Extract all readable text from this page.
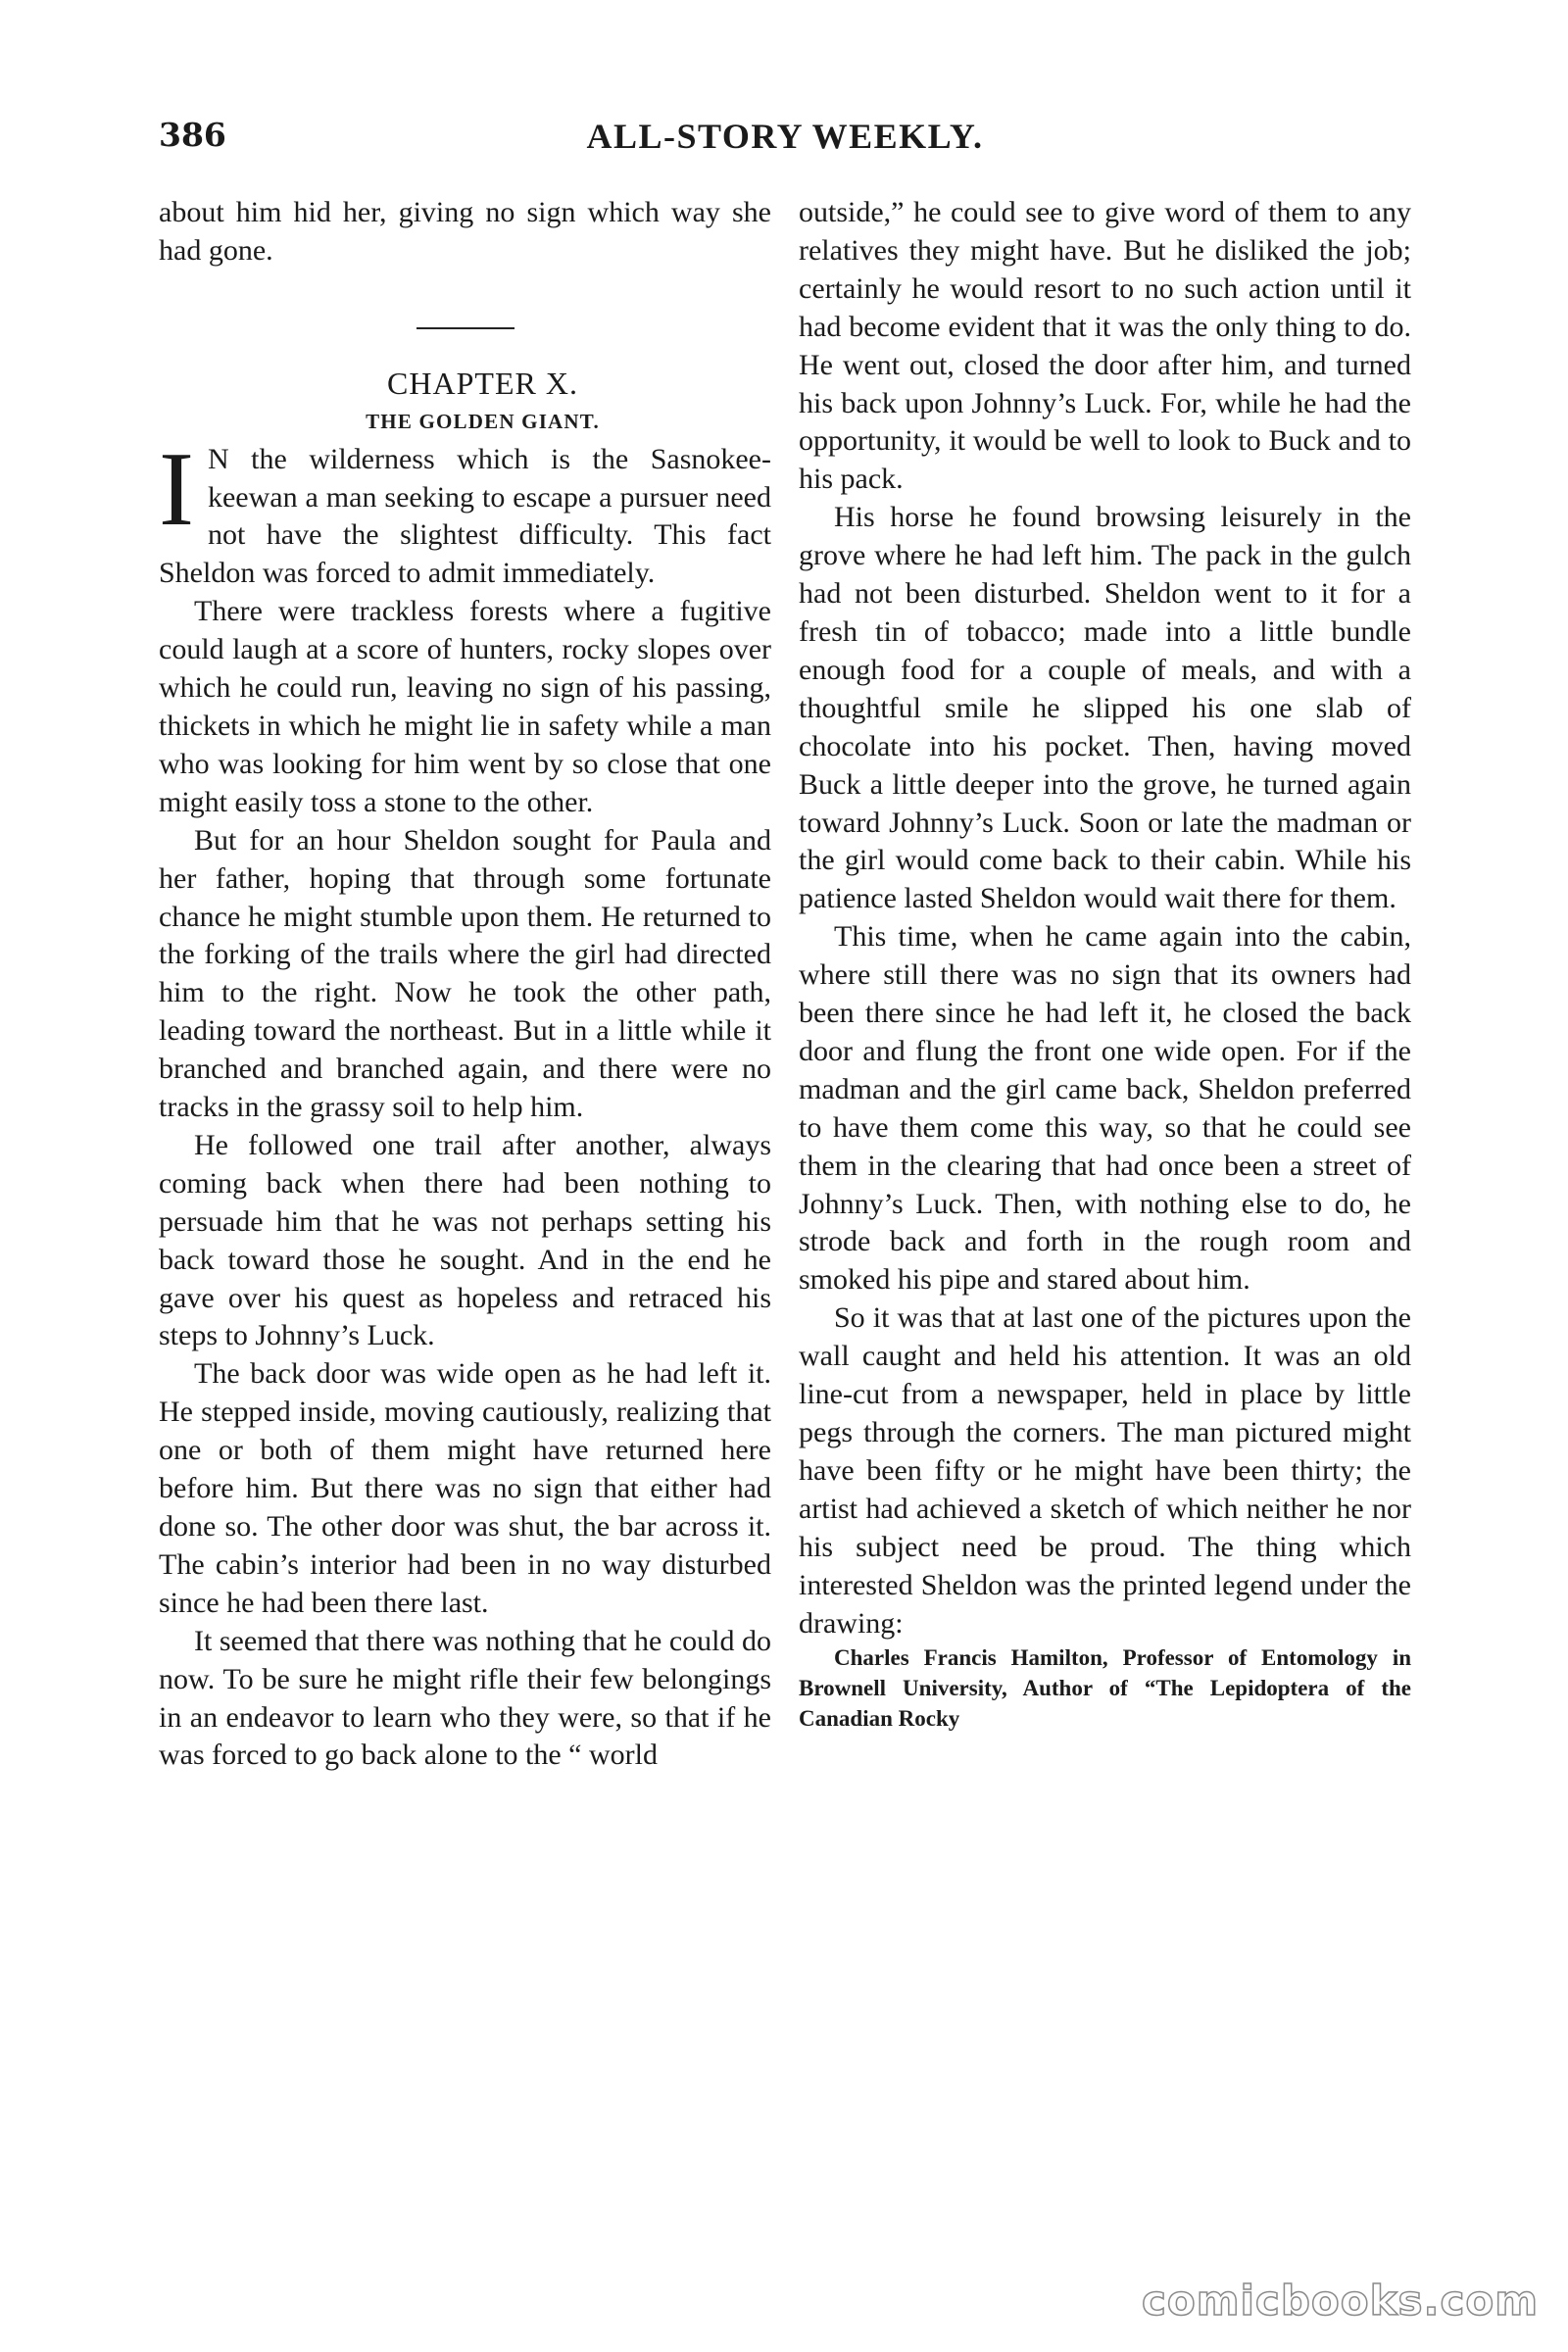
386	ALL-STORY WEEKLY.

about him hid her, giving no sign which way she had gone.

CHAPTER X.

THE GOLDEN GIANT.

I N the wilderness which is the Sasnokee-keewan a man seeking to escape a pursuer need not have the slightest difficulty. This fact Sheldon was forced to admit immediately.

There were trackless forests where a fugitive could laugh at a score of hunters, rocky slopes over which he could run, leaving no sign of his passing, thickets in which he might lie in safety while a man who was looking for him went by so close that one might easily toss a stone to the other.

But for an hour Sheldon sought for Paula and her father, hoping that through some fortunate chance he might stumble upon them. He returned to the forking of the trails where the girl had directed him to the right. Now he took the other path, leading toward the northeast. But in a little while it branched and branched again, and there were no tracks in the grassy soil to help him.

He followed one trail after another, always coming back when there had been nothing to persuade him that he was not perhaps setting his back toward those he sought. And in the end he gave over his quest as hopeless and retraced his steps to Johnny’s Luck.

The back door was wide open as he had left it. He stepped inside, moving cautiously, realizing that one or both of them might have returned here before him. But there was no sign that either had done so. The other door was shut, the bar across it. The cabin’s interior had been in no way disturbed since he had been there last.

It seemed that there was nothing that he could do now. To be sure he might rifle their few belongings in an endeavor to learn who they were, so that if he was forced to go back alone to the “ world

outside,” he could see to give word of them to any relatives they might have. But he disliked the job; certainly he would resort to no such action until it had become evident that it was the only thing to do. He went out, closed the door after him, and turned his back upon Johnny’s Luck. For, while he had the opportunity, it would be well to look to Buck and to his pack.

His horse he found browsing leisurely in the grove where he had left him. The pack in the gulch had not been disturbed. Sheldon went to it for a fresh tin of tobacco; made into a little bundle enough food for a couple of meals, and with a thoughtful smile he slipped his one slab of chocolate into his pocket. Then, having moved Buck a little deeper into the grove, he turned again toward Johnny’s Luck. Soon or late the madman or the girl would come back to their cabin. While his patience lasted Sheldon would wait there for them.

This time, when he came again into the cabin, where still there was no sign that its owners had been there since he had left it, he closed the back door and flung the front one wide open. For if the madman and the girl came back, Sheldon preferred to have them come this way, so that he could see them in the clearing that had once been a street of Johnny’s Luck. Then, with nothing else to do, he strode back and forth in the rough room and smoked his pipe and stared about him.

So it was that at last one of the pictures upon the wall caught and held his attention. It was an old line-cut from a newspaper, held in place by little pegs through the corners. The man pictured might have been fifty or he might have been thirty; the artist had achieved a sketch of which neither he nor his subject need be proud. The thing which interested Sheldon was the printed legend under the drawing:

Charles Francis Hamilton, Professor of Entomology in Brownell University, Author of “The Lepidoptera of the Canadian Rocky

comicbooks.com
